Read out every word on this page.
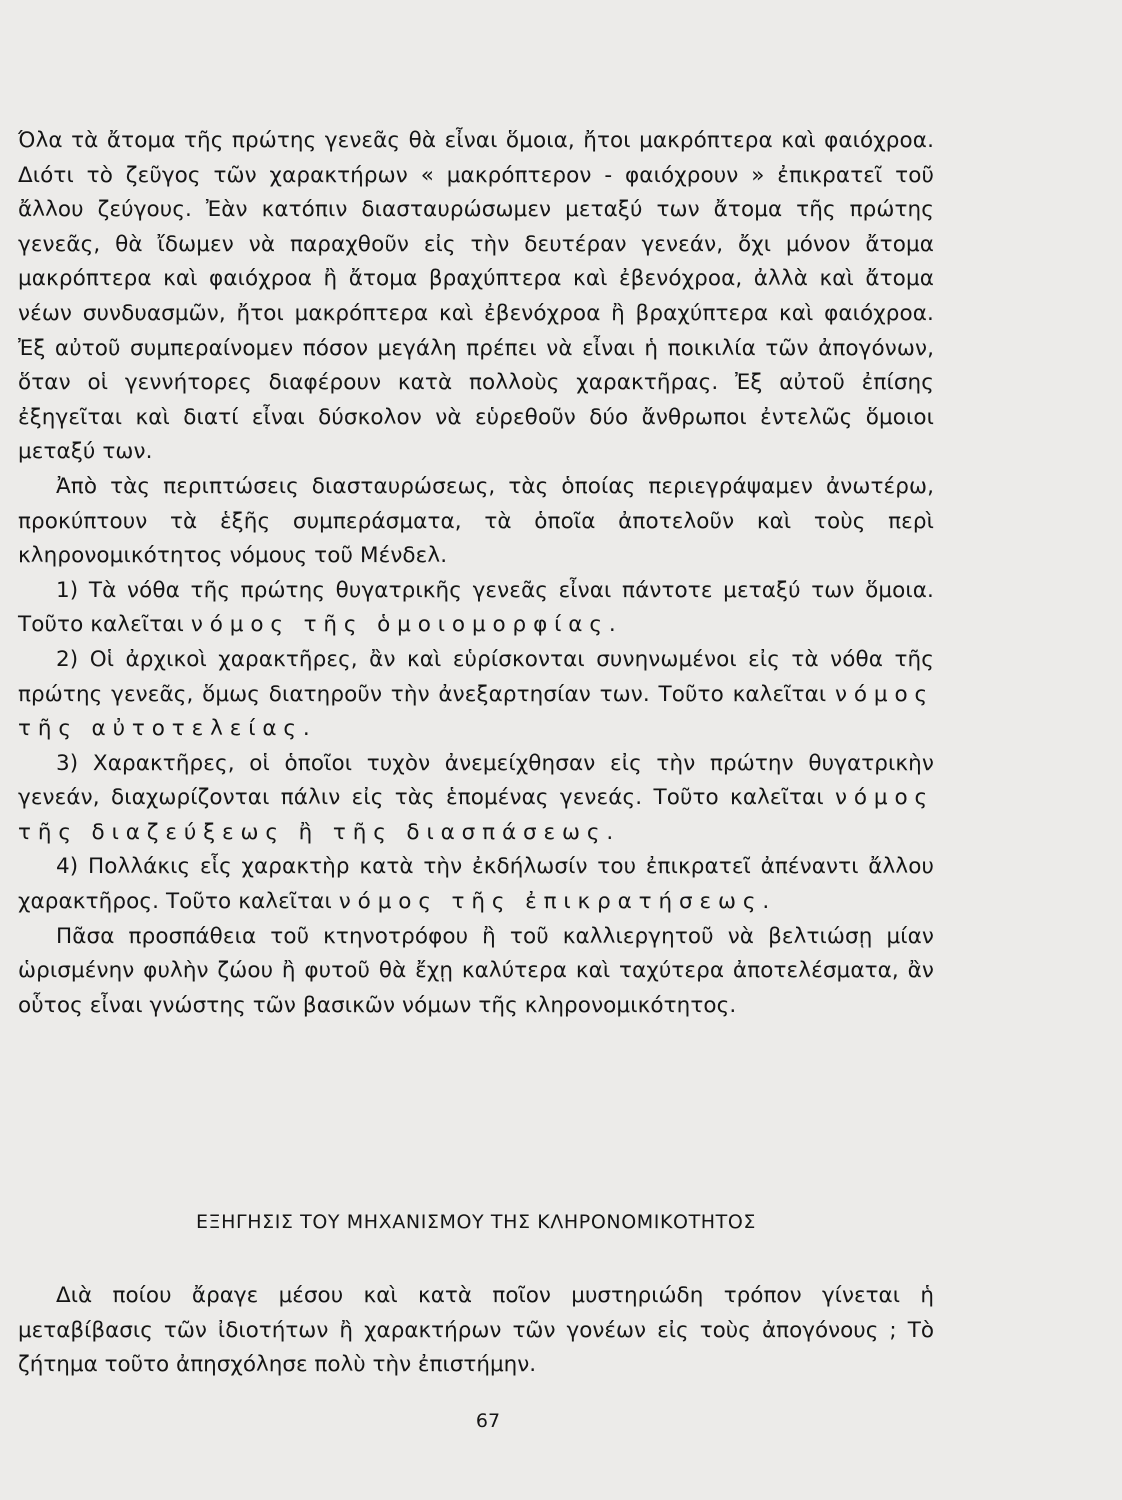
Όλα τὰ ἄτομα τῆς πρώτης γενεᾶς θὰ εἶναι ὅμοια, ἤτοι μακρόπτερα καὶ φαιόχροα. Διότι τὸ ζεῦγος τῶν χαρακτήρων « μακρόπτερον - φαιόχρουν » ἐπικρατεῖ τοῦ ἄλλου ζεύγους. Ἐὰν κατόπιν διασταυρώσωμεν μεταξύ των ἄτομα τῆς πρώτης γενεᾶς, θὰ ἴδωμεν νὰ παραχθοῦν εἰς τὴν δευτέραν γενεάν, ὄχι μόνον ἄτομα μακρόπτερα καὶ φαιόχροα ἢ ἄτομα βραχύπτερα καὶ ἐβενόχροα, ἀλλὰ καὶ ἄτομα νέων συνδυασμῶν, ἤτοι μακρόπτερα καὶ ἐβενόχροα ἢ βραχύπτερα καὶ φαιόχροα. Ἐξ αὐτοῦ συμπεραίνομεν πόσον μεγάλη πρέπει νὰ εἶναι ἡ ποικιλία τῶν ἀπογόνων, ὅταν οἱ γεννήτορες διαφέρουν κατὰ πολλοὺς χαρακτῆρας. Ἐξ αὐτοῦ ἐπίσης ἐξηγεῖται καὶ διατί εἶναι δύσκολον νὰ εὑρεθοῦν δύο ἄνθρωποι ἐντελῶς ὅμοιοι μεταξύ των.

Ἀπὸ τὰς περιπτώσεις διασταυρώσεως, τὰς ὁποίας περιεγράψαμεν ἀνωτέρω, προκύπτουν τὰ ἑξῆς συμπεράσματα, τὰ ὁποῖα ἀποτελοῦν καὶ τοὺς περὶ κληρονομικότητος νόμους τοῦ Μένδελ.

1) Τὰ νόθα τῆς πρώτης θυγατρικῆς γενεᾶς εἶναι πάντοτε μεταξύ των ὅμοια. Τοῦτο καλεῖται νόμος τῆς ὁμοιομορφίας.

2) Οἱ ἀρχικοὶ χαρακτῆρες, ἂν καὶ εὑρίσκονται συνηνωμένοι εἰς τὰ νόθα τῆς πρώτης γενεᾶς, ὅμως διατηροῦν τὴν ἀνεξαρτησίαν των. Τοῦτο καλεῖται νόμος τῆς αὐτοτελείας.

3) Χαρακτῆρες, οἱ ὁποῖοι τυχὸν ἀνεμείχθησαν εἰς τὴν πρώτην θυγατρικὴν γενεάν, διαχωρίζονται πάλιν εἰς τὰς ἑπομένας γενεάς. Τοῦτο καλεῖται νόμος τῆς διαζεύξεως ἢ τῆς διασπάσεως.

4) Πολλάκις εἷς χαρακτὴρ κατὰ τὴν ἐκδήλωσίν του ἐπικρατεῖ ἀπέναντι ἄλλου χαρακτῆρος. Τοῦτο καλεῖται νόμος τῆς ἐπικρατήσεως.

Πᾶσα προσπάθεια τοῦ κτηνοτρόφου ἢ τοῦ καλλιεργητοῦ νὰ βελτιώσῃ μίαν ὡρισμένην φυλὴν ζώου ἢ φυτοῦ θὰ ἔχῃ καλύτερα καὶ ταχύτερα ἀποτελέσματα, ἂν οὗτος εἶναι γνώστης τῶν βασικῶν νόμων τῆς κληρονομικότητος.

ΕΞΗΓΗΣΙΣ ΤΟΥ ΜΗΧΑΝΙΣΜΟΥ ΤΗΣ ΚΛΗΡΟΝΟΜΙΚΟΤΗΤΟΣ

Διὰ ποίου ἄραγε μέσου καὶ κατὰ ποῖον μυστηριώδη τρόπον γίνεται ἡ μεταβίβασις τῶν ἰδιοτήτων ἢ χαρακτήρων τῶν γονέων εἰς τοὺς ἀπογόνους ; Τὸ ζήτημα τοῦτο ἀπησχόλησε πολὺ τὴν ἐπιστήμην.

67
